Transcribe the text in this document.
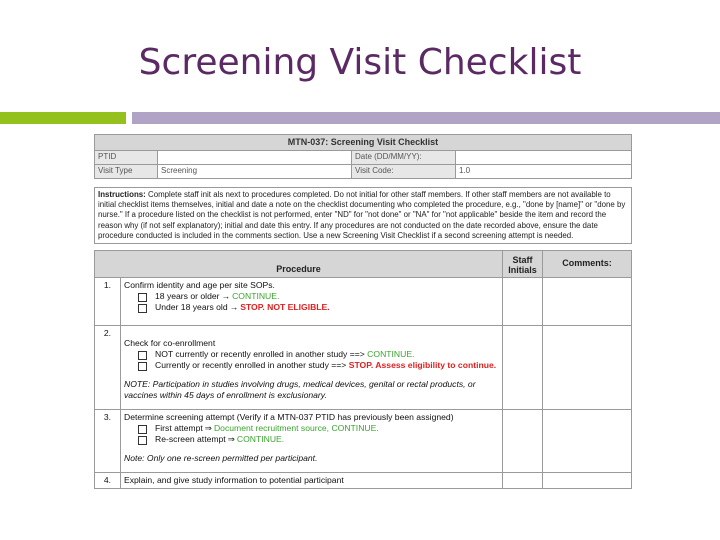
Screening Visit Checklist
MTN-037: Screening Visit Checklist			
PTID		Date (DD/MM/YY):	
Visit Type	Screening	Visit Code:	1.0
Instructions: Complete staff init als next to procedures completed. Do not initial for other staff members. If other staff members are not available to initial checklist items themselves, initial and date a note on the checklist documenting who completed the procedure, e.g., "done by [name]" or "done by nurse." If a procedure listed on the checklist is not performed, enter "ND" for "not done" or "NA" for "not applicable" beside the item and record the reason why (if not self explanatory); initial and date this entry. If any procedures are not conducted on the date recorded above, ensure the date procedure conducted is included in the comments section. Use a new Screening Visit Checklist if a second screening attempt is needed.
Procedure		Staff Initials	Comments:
1.	Confirm identity and age per site SOPs.
18 years or older → CONTINUE.
Under 18 years old → STOP. NOT ELIGIBLE.		

2.	Check for co-enrollment
NOT currently or recently enrolled in another study ==> CONTINUE.
Currently or recently enrolled in another study ==> STOP. Assess eligibility to continue.
NOTE: Participation in studies involving drugs, medical devices, genital or rectal products, or vaccines within 45 days of enrollment is exclusionary.		

3.	Determine screening attempt (Verify if a MTN-037 PTID has previously been assigned)
First attempt ⇒ Document recruitment source, CONTINUE.
Re-screen attempt ⇒ CONTINUE.
Note: Only one re-screen permitted per participant.		

4.	Explain, and give study information to potential participant		
